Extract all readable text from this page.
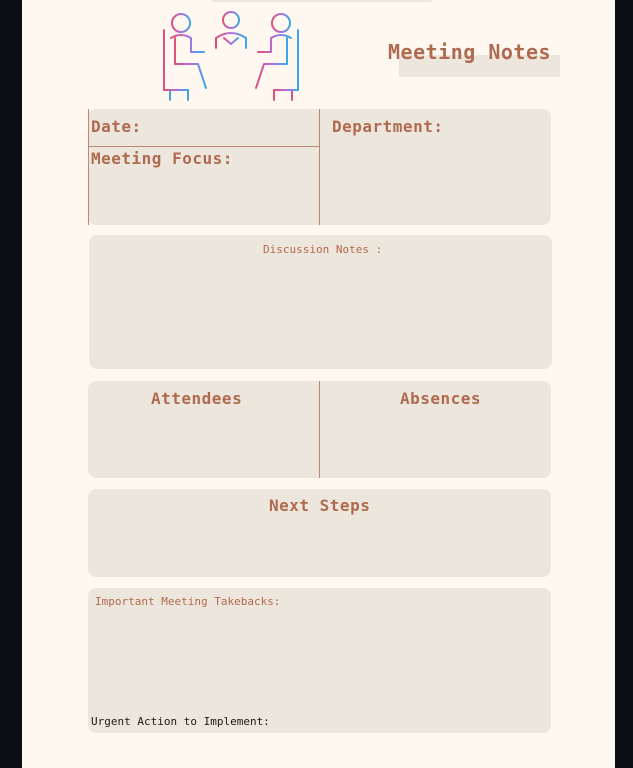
Meeting Notes
Date:	Department:
Meeting Focus:
Discussion Notes :
Attendees	Absences
Next Steps
Important Meeting Takebacks:
Urgent Action to Implement:
